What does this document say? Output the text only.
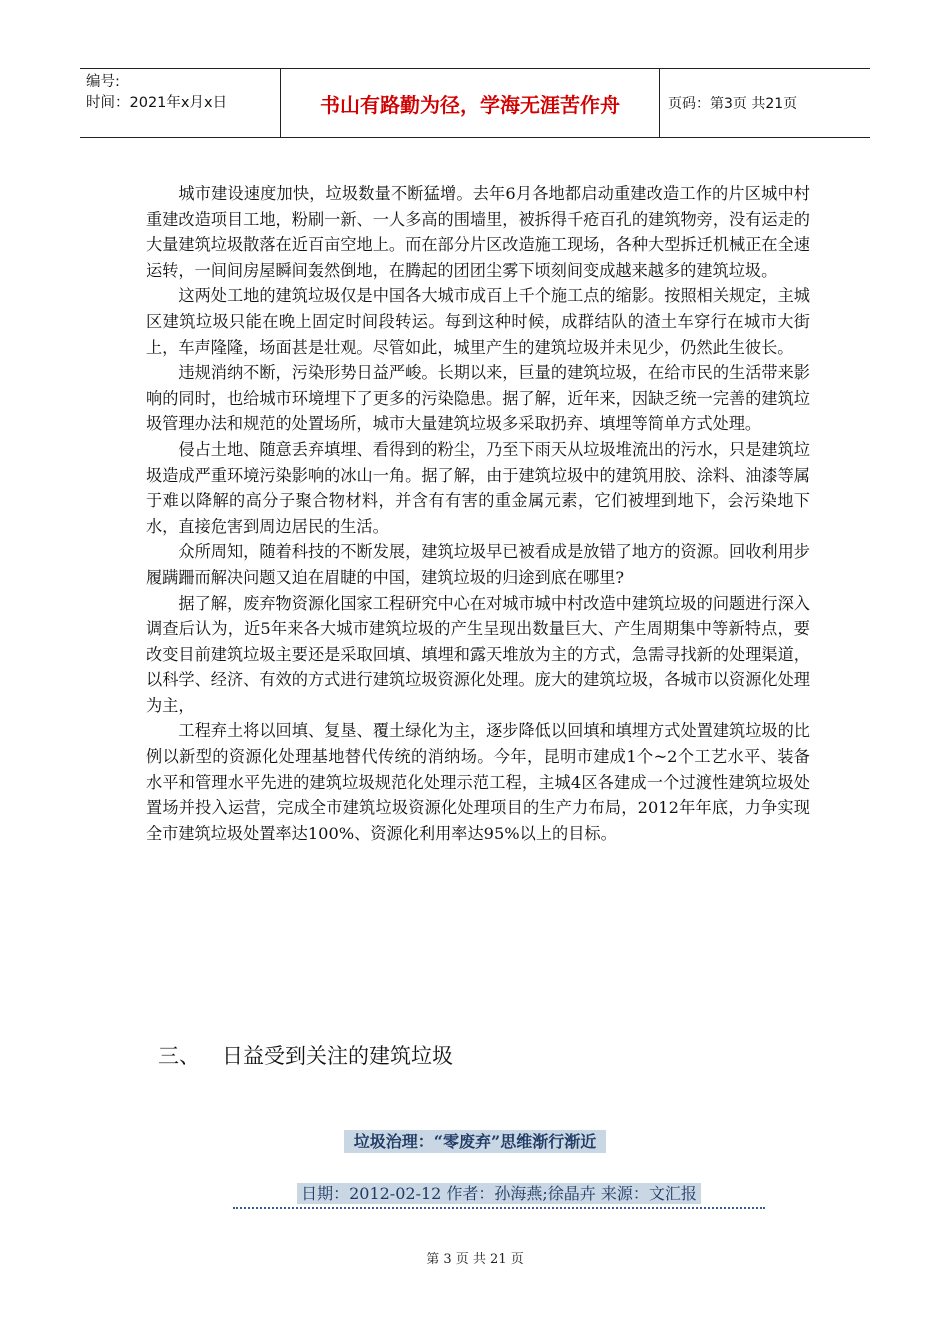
编号:
时间：2021年x月x日	书山有路勤为径，学海无涯苦作舟	页码：第3页 共21页

城市建设速度加快，垃圾数量不断猛增。去年6月各地都启动重建改造工作的片区城中村重建改造项目工地，粉刷一新、一人多高的围墙里，被拆得千疮百孔的建筑物旁，没有运走的大量建筑垃圾散落在近百亩空地上。而在部分片区改造施工现场，各种大型拆迁机械正在全速运转，一间间房屋瞬间轰然倒地，在腾起的团团尘雾下顷刻间变成越来越多的建筑垃圾。

这两处工地的建筑垃圾仅是中国各大城市成百上千个施工点的缩影。按照相关规定，主城区建筑垃圾只能在晚上固定时间段转运。每到这种时候，成群结队的渣土车穿行在城市大街上，车声隆隆，场面甚是壮观。尽管如此，城里产生的建筑垃圾并未见少，仍然此生彼长。

违规消纳不断，污染形势日益严峻。长期以来，巨量的建筑垃圾，在给市民的生活带来影响的同时，也给城市环境埋下了更多的污染隐患。据了解，近年来，因缺乏统一完善的建筑垃圾管理办法和规范的处置场所，城市大量建筑垃圾多采取扔弃、填埋等简单方式处理。

侵占土地、随意丢弃填埋、看得到的粉尘，乃至下雨天从垃圾堆流出的污水，只是建筑垃圾造成严重环境污染影响的冰山一角。据了解，由于建筑垃圾中的建筑用胶、涂料、油漆等属于难以降解的高分子聚合物材料，并含有有害的重金属元素，它们被埋到地下，会污染地下水，直接危害到周边居民的生活。

众所周知，随着科技的不断发展，建筑垃圾早已被看成是放错了地方的资源。回收利用步履蹒跚而解决问题又迫在眉睫的中国，建筑垃圾的归途到底在哪里?

据了解，废弃物资源化国家工程研究中心在对城市城中村改造中建筑垃圾的问题进行深入调查后认为，近5年来各大城市建筑垃圾的产生呈现出数量巨大、产生周期集中等新特点，要改变目前建筑垃圾主要还是采取回填、填埋和露天堆放为主的方式，急需寻找新的处理渠道，以科学、经济、有效的方式进行建筑垃圾资源化处理。庞大的建筑垃圾，各城市以资源化处理为主，

工程弃土将以回填、复垦、覆土绿化为主，逐步降低以回填和填埋方式处置建筑垃圾的比例以新型的资源化处理基地替代传统的消纳场。今年，昆明市建成1个~2个工艺水平、装备水平和管理水平先进的建筑垃圾规范化处理示范工程，主城4区各建成一个过渡性建筑垃圾处置场并投入运营，完成全市建筑垃圾资源化处理项目的生产力布局，2012年年底，力争实现全市建筑垃圾处置率达100%、资源化利用率达95%以上的目标。

三、 日益受到关注的建筑垃圾
垃圾治理：“零废弃”思维渐行渐近
日期：2012-02-12 作者：孙海燕;徐晶卉 来源：文汇报
第 3 页 共 21 页
